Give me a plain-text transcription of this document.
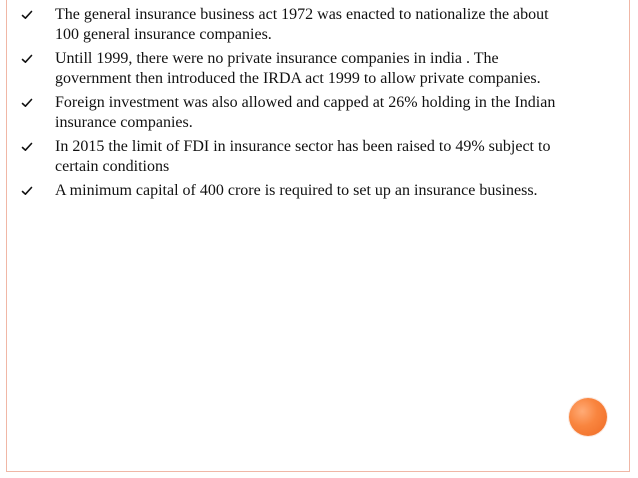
The general insurance business act 1972 was enacted to nationalize the about 100 general insurance companies.
Untill 1999, there were no private insurance companies in india . The government then introduced the IRDA act 1999 to allow private companies.
Foreign investment was also allowed and capped at 26% holding in the Indian insurance companies.
In 2015 the limit of FDI in insurance sector has been raised to 49% subject to certain conditions
A minimum capital of 400 crore is required to set up an insurance business.
